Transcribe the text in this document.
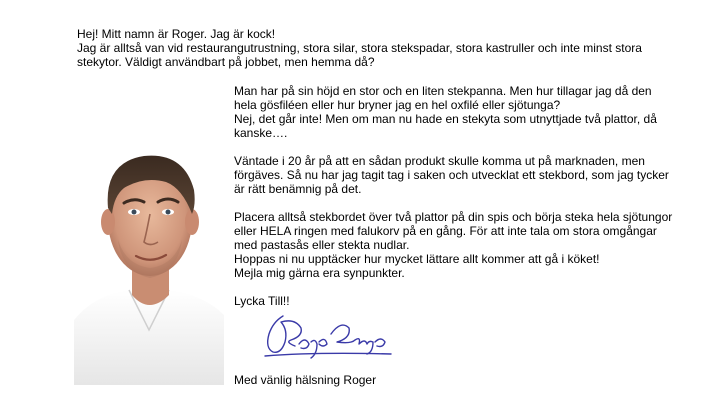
Hej! Mitt namn är Roger. Jag är kock!

Jag är alltså van vid restaurangutrustning, stora silar, stora stekspadar, stora kastruller och inte minst stora stekytor. Väldigt användbart på jobbet, men hemma då?

Man har på sin höjd en stor och en liten stekpanna. Men hur tillagar jag då den hela gösfiléen eller hur bryner jag en hel oxfilé eller sjötunga?

Nej, det går inte! Men om man nu hade en stekyta som utnyttjade två plattor, då kanske….

Väntade i 20 år på att en sådan produkt skulle komma ut på marknaden, men förgäves. Så nu har jag tagit tag i saken och utvecklat ett stekbord, som jag tycker är rätt benämnig på det.

Placera alltså stekbordet över två plattor på din spis och börja steka hela sjötungor eller HELA ringen med falukorv på en gång. För att inte tala om stora omgångar med pastasås eller stekta nudlar.

Hoppas ni nu upptäcker hur mycket lättare allt kommer att gå i köket!

Mejla mig gärna era synpunkter.

Lycka Till!!

Med vänlig hälsning Roger
